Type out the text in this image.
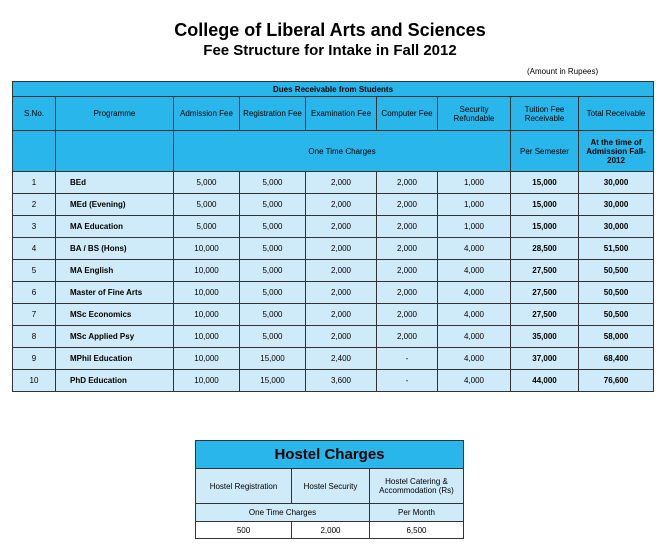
College of Liberal Arts and Sciences
Fee Structure for Intake in Fall 2012
(Amount in Rupees)
Dues Receivable from Students								
S.No.	Programme	Admission Fee	Registration Fee	Examination Fee	Computer Fee	Security Refundable	Tuition Fee Receivable	Total Receivable
		One Time Charges					Per Semester	At the time of Admission Fall-2012
1	BEd	5,000	5,000	2,000	2,000	1,000	15,000	30,000
2	MEd (Evening)	5,000	5,000	2,000	2,000	1,000	15,000	30,000
3	MA Education	5,000	5,000	2,000	2,000	1,000	15,000	30,000
4	BA / BS (Hons)	10,000	5,000	2,000	2,000	4,000	28,500	51,500
5	MA English	10,000	5,000	2,000	2,000	4,000	27,500	50,500
6	Master of Fine Arts	10,000	5,000	2,000	2,000	4,000	27,500	50,500
7	MSc Economics	10,000	5,000	2,000	2,000	4,000	27,500	50,500
8	MSc Applied Psy	10,000	5,000	2,000	2,000	4,000	35,000	58,000
9	MPhil Education	10,000	15,000	2,400	-	4,000	37,000	68,400
10	PhD Education	10,000	15,000	3,600	-	4,000	44,000	76,600
Hostel Charges		
Hostel Registration	Hostel Security	Hostel Catering & Accommodation (Rs)
One Time Charges		Per Month
500	2,000	6,500
